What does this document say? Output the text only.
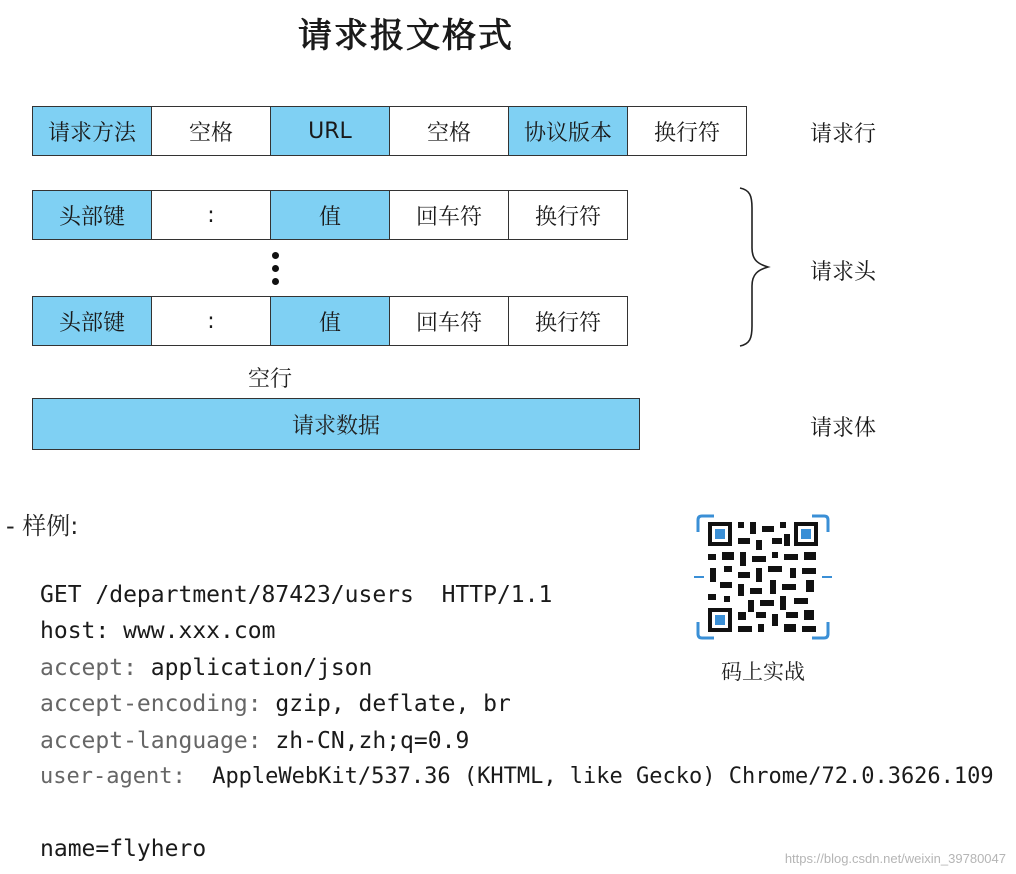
请求报文格式
请求方法	空格	URL	空格	协议版本	换行符	请求行
头部键	:	值	回车符	换行符
头部键	:	值	回车符	换行符
请求头
空行
请求数据	请求体
- 样例:
GET /department/87423/users  HTTP/1.1
host: www.xxx.com
accept: application/json
accept-encoding: gzip, deflate, br
accept-language: zh-CN,zh;q=0.9
user-agent:  AppleWebKit/537.36 (KHTML, like Gecko) Chrome/72.0.3626.109
name=flyhero
码上实战
https://blog.csdn.net/weixin_39780047
